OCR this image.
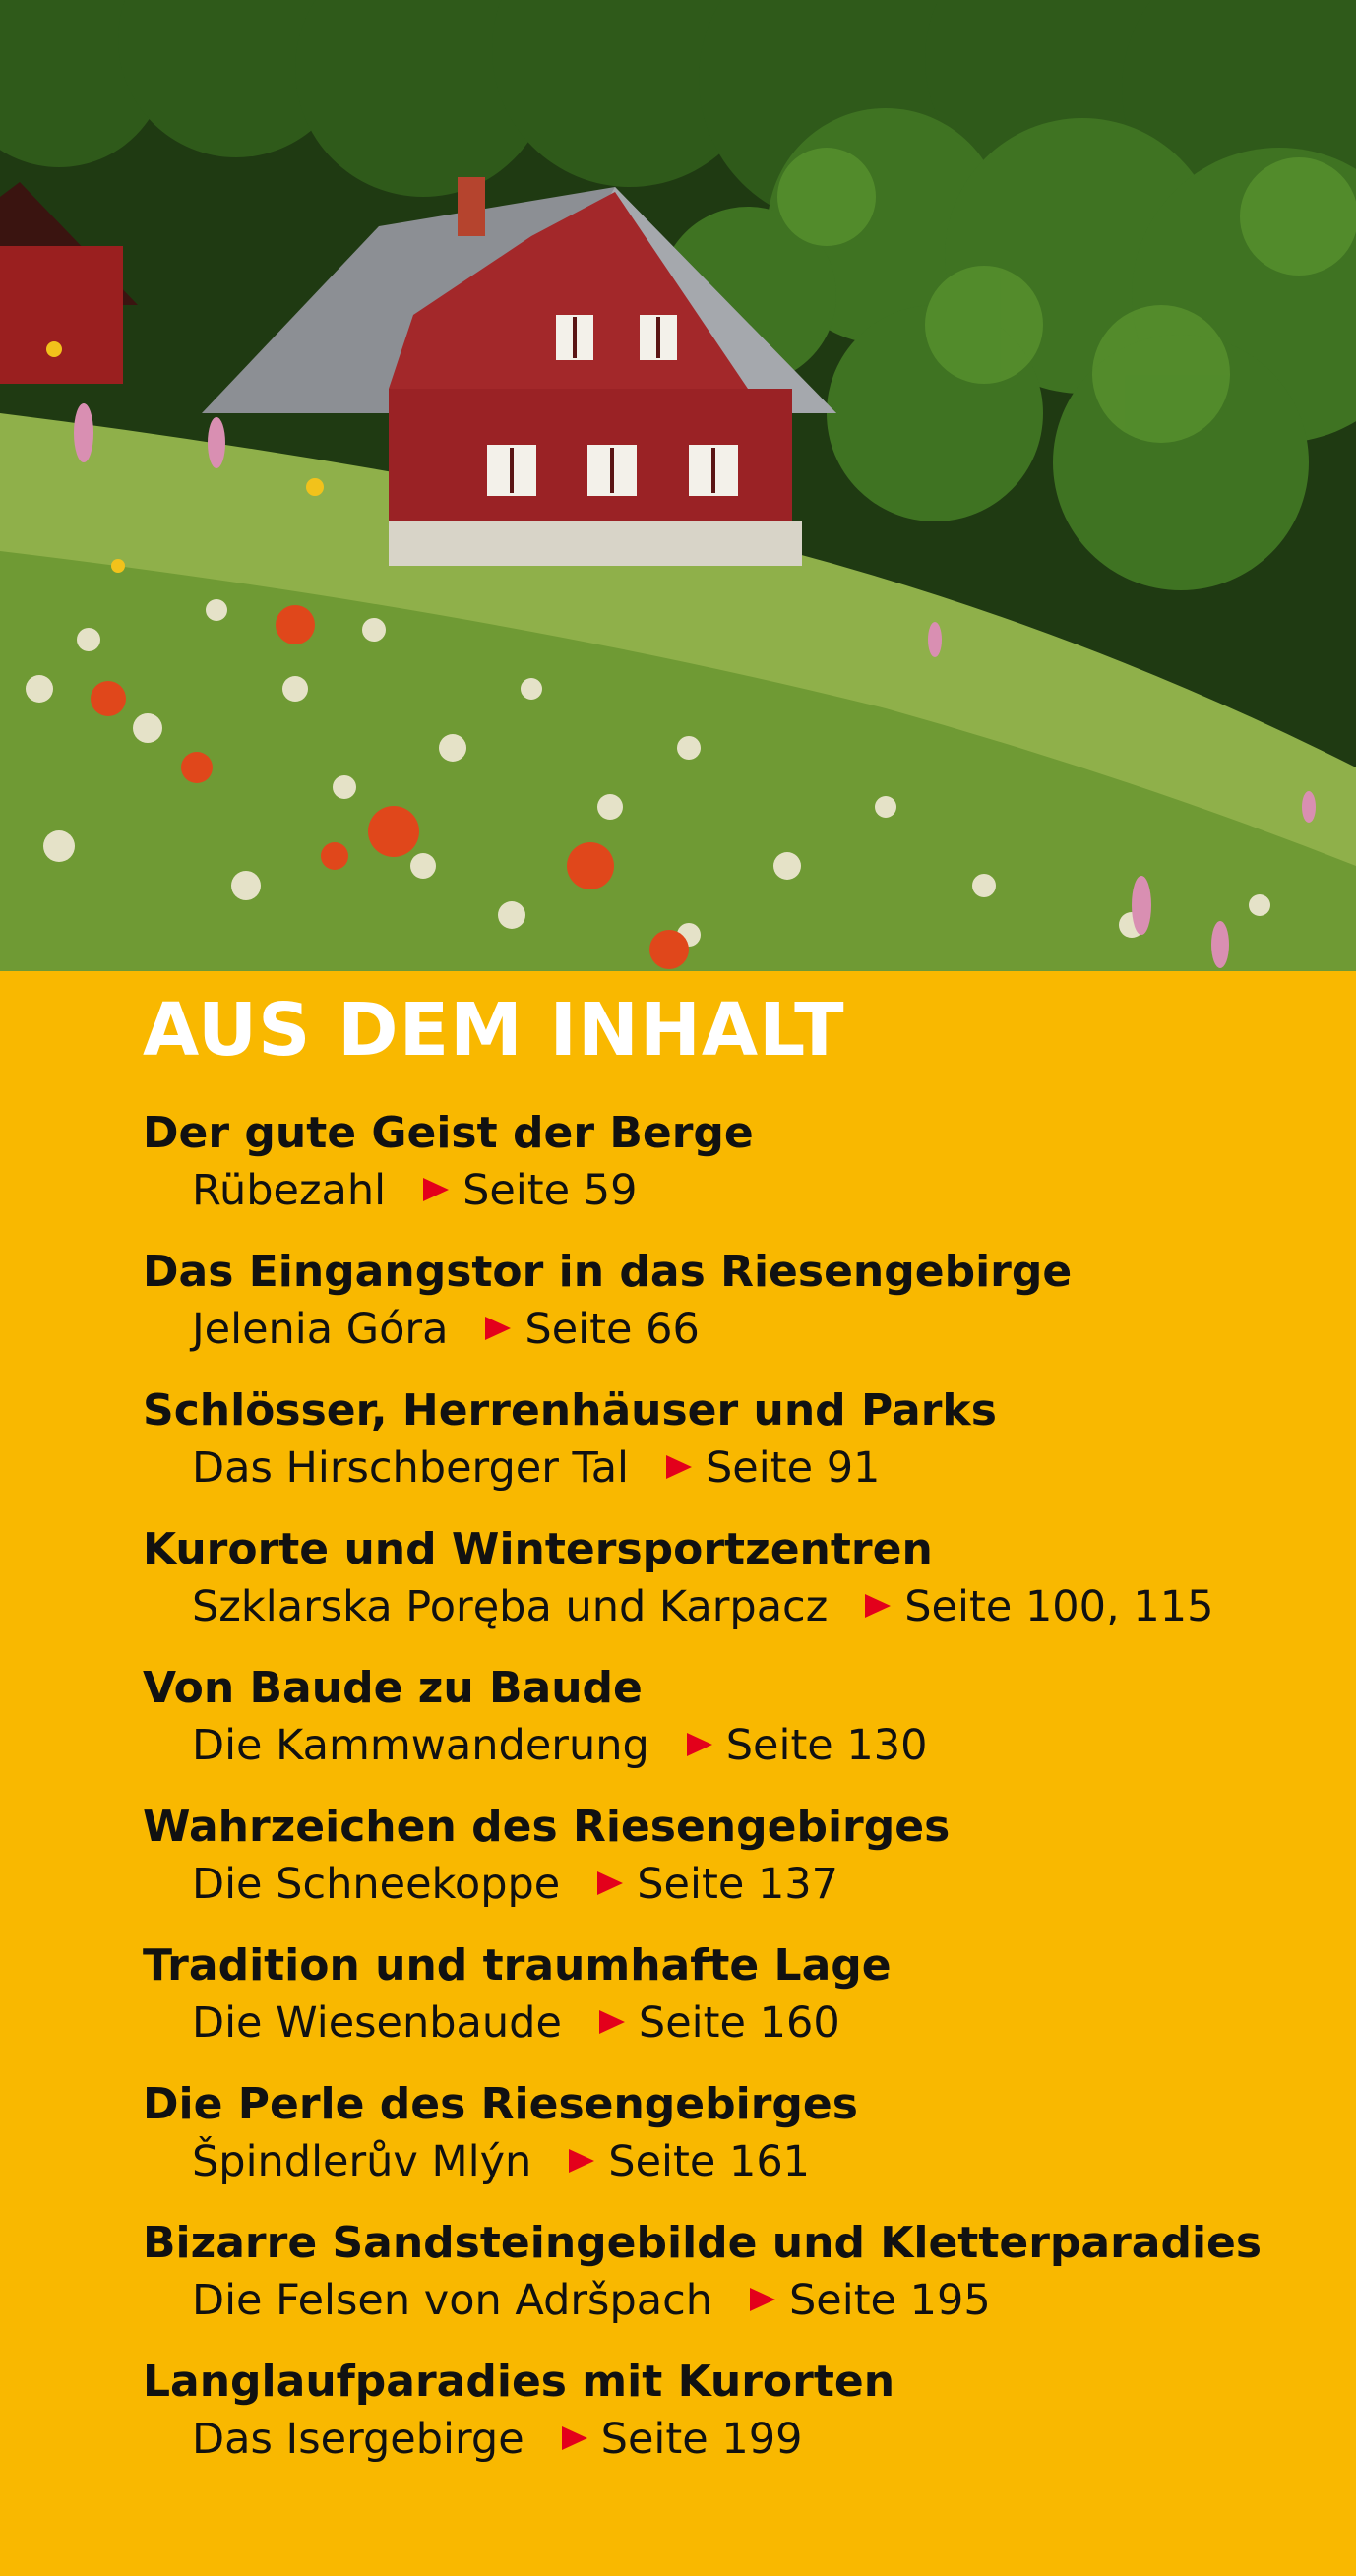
AUS DEM INHALT
Der gute Geist der Berge
Rübezahl Seite 59
Das Eingangstor in das Riesengebirge
Jelenia Góra Seite 66
Schlösser, Herrenhäuser und Parks
Das Hirschberger Tal Seite 91
Kurorte und Wintersportzentren
Szklarska Poręba und Karpacz Seite 100, 115
Von Baude zu Baude
Die Kammwanderung Seite 130
Wahrzeichen des Riesengebirges
Die Schneekoppe Seite 137
Tradition und traumhafte Lage
Die Wiesenbaude Seite 160
Die Perle des Riesengebirges
Špindlerův Mlýn Seite 161
Bizarre Sandsteingebilde und Kletterparadies
Die Felsen von Adršpach Seite 195
Langlaufparadies mit Kurorten
Das Isergebirge Seite 199
